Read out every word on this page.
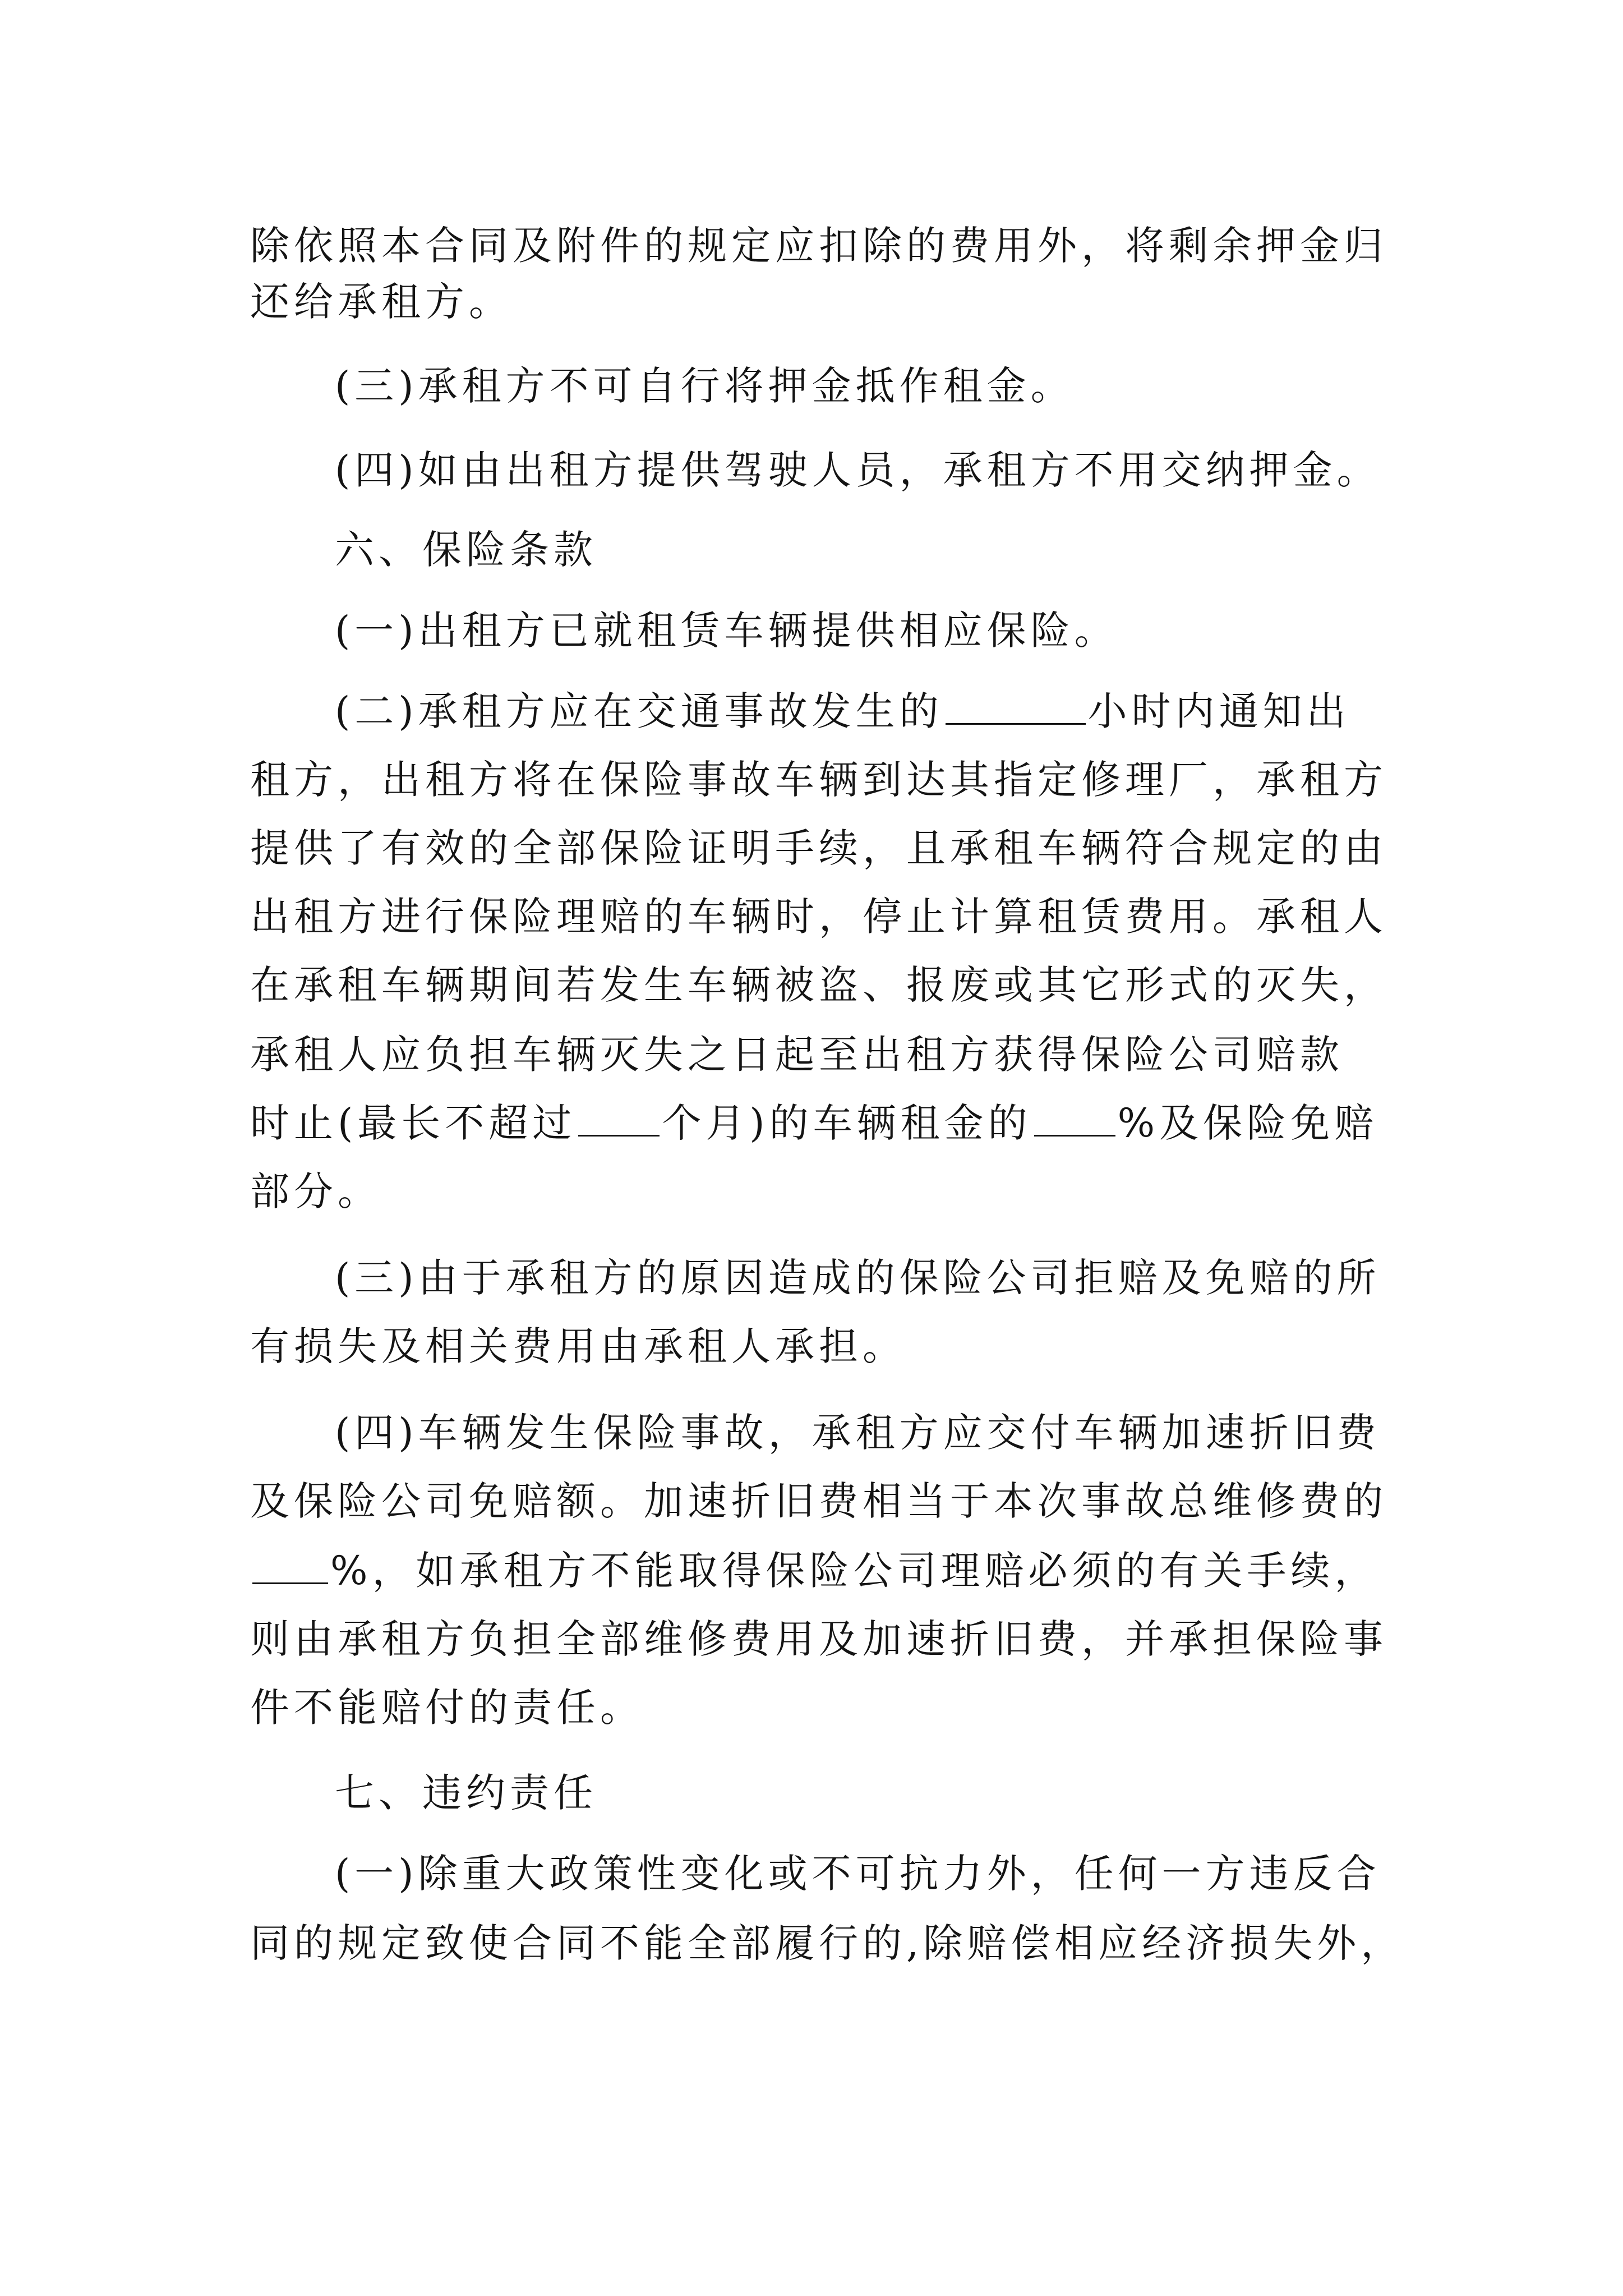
除依照本合同及附件的规定应扣除的费用外，将剩余押金归
还给承租方。
(三)承租方不可自行将押金抵作租金。
(四)如由出租方提供驾驶人员，承租方不用交纳押金。
六、保险条款
(一)出租方已就租赁车辆提供相应保险。
(二)承租方应在交通事故发生的	小时内通知出
租方，出租方将在保险事故车辆到达其指定修理厂，承租方
提供了有效的全部保险证明手续，且承租车辆符合规定的由
出租方进行保险理赔的车辆时，停止计算租赁费用。承租人
在承租车辆期间若发生车辆被盗、报废或其它形式的灭失，
承租人应负担车辆灭失之日起至出租方获得保险公司赔款
时止(最长不超过 个月)的车辆租金的 %及保险免赔
部分。
(三)由于承租方的原因造成的保险公司拒赔及免赔的所
有损失及相关费用由承租人承担。
(四)车辆发生保险事故，承租方应交付车辆加速折旧费
及保险公司免赔额。加速折旧费相当于本次事故总维修费的
%，如承租方不能取得保险公司理赔必须的有关手续，
则由承租方负担全部维修费用及加速折旧费，并承担保险事
件不能赔付的责任。
七、违约责任
(一)除重大政策性变化或不可抗力外，任何一方违反合
同的规定致使合同不能全部履行的,除赔偿相应经济损失外，
